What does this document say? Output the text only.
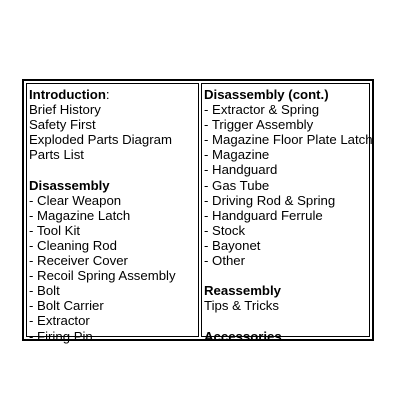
Introduction:
Brief History
Safety First
Exploded Parts Diagram
Parts List
Disassembly
- Clear Weapon
- Magazine Latch
- Tool Kit
- Cleaning Rod
- Receiver Cover
- Recoil Spring Assembly
- Bolt
- Bolt Carrier
- Extractor
- Firing Pin
Disassembly (cont.)
- Extractor & Spring
- Trigger Assembly
- Magazine Floor Plate Latch
- Magazine
- Handguard
- Gas Tube
- Driving Rod & Spring
- Handguard Ferrule
- Stock
- Bayonet
- Other
Reassembly
Tips & Tricks
Accessories
